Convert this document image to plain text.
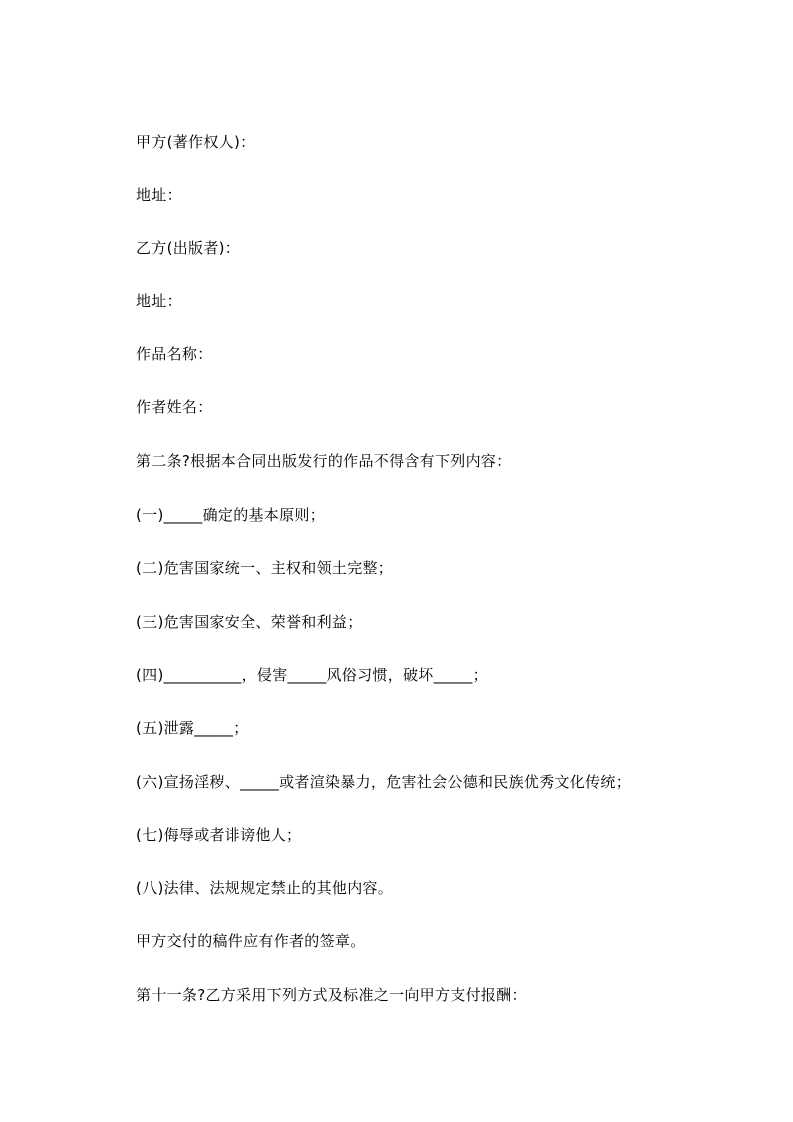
甲方(著作权人)：
地址：
乙方(出版者)：
地址：
作品名称：
作者姓名：
第二条?根据本合同出版发行的作品不得含有下列内容：
(一)_____确定的基本原则；
(二)危害国家统一、主权和领土完整；
(三)危害国家安全、荣誉和利益；
(四)__________，侵害_____风俗习惯，破坏_____；
(五)泄露_____；
(六)宣扬淫秽、_____或者渲染暴力，危害社会公德和民族优秀文化传统；
(七)侮辱或者诽谤他人；
(八)法律、法规规定禁止的其他内容。
甲方交付的稿件应有作者的签章。
第十一条?乙方采用下列方式及标准之一向甲方支付报酬：
